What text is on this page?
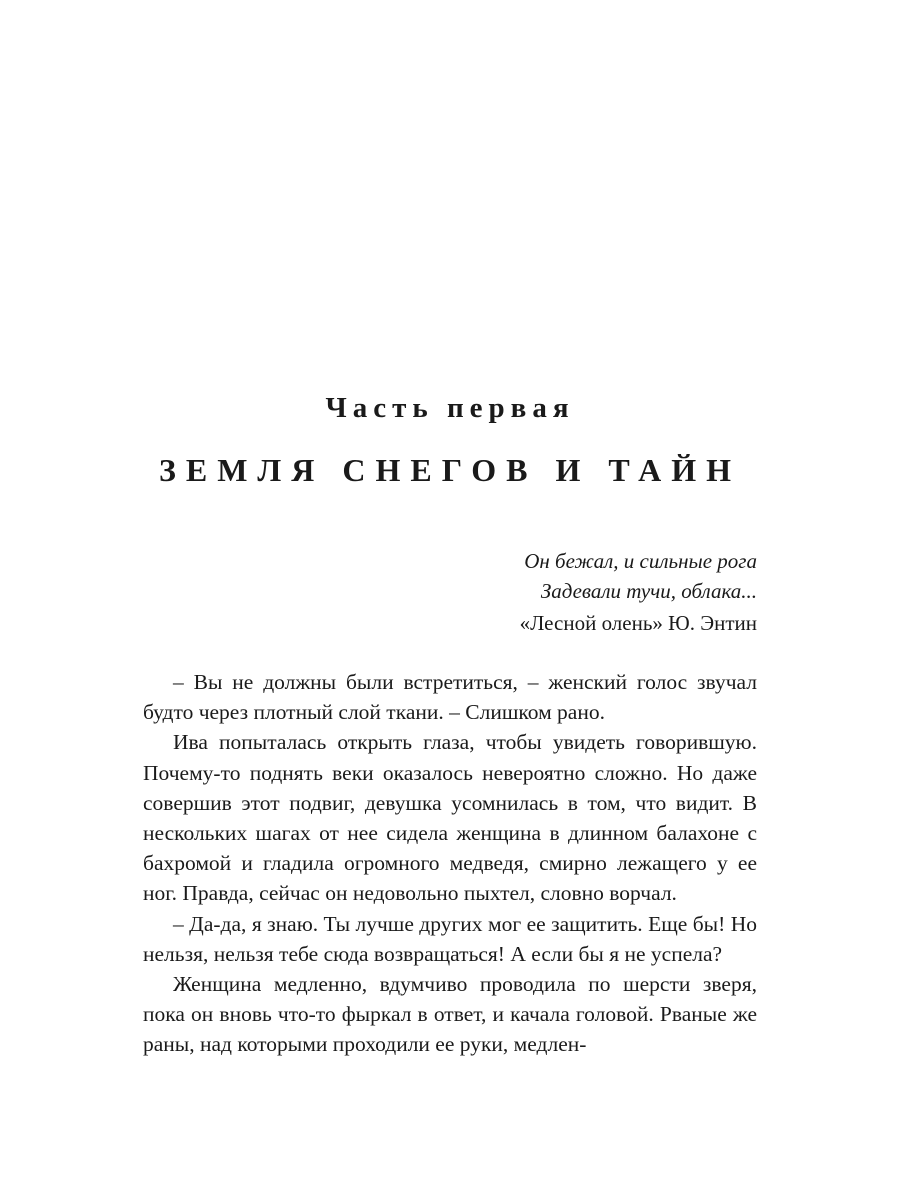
Часть первая
ЗЕМЛЯ СНЕГОВ И ТАЙН
Он бежал, и сильные рога
Задевали тучи, облака...
«Лесной олень» Ю. Энтин

– Вы не должны были встретиться, – женский голос звучал будто через плотный слой ткани. – Слишком рано.

Ива попыталась открыть глаза, чтобы увидеть говорившую. Почему-то поднять веки оказалось невероятно сложно. Но даже совершив этот подвиг, девушка усомнилась в том, что видит. В нескольких шагах от нее сидела женщина в длинном балахоне с бахромой и гладила огромного медведя, смирно лежащего у ее ног. Правда, сейчас он недовольно пыхтел, словно ворчал.

– Да-да, я знаю. Ты лучше других мог ее защитить. Еще бы! Но нельзя, нельзя тебе сюда возвращаться! А если бы я не успела?

Женщина медленно, вдумчиво проводила по шерсти зверя, пока он вновь что-то фыркал в ответ, и качала головой. Рваные же раны, над которыми проходили ее руки, медлен-
